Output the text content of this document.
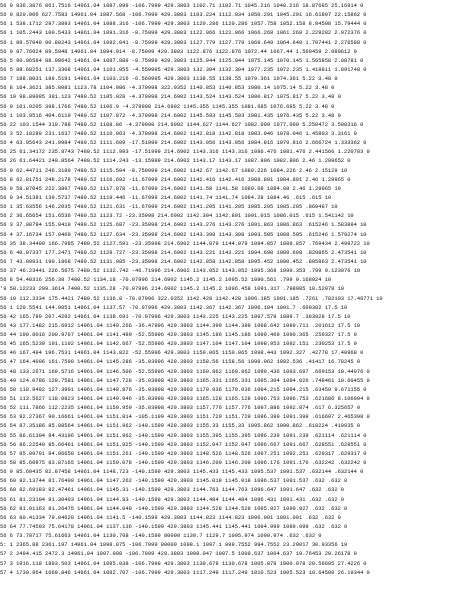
56 0 936.3876 861.7516 14961.04 1087.099 -106.7999 429.3803 1102.71 1102.71 1045.216 1040.216 18.87685 25.16914 0
56 0 820.906 627.7583 14961.04 1087.568 -106.7999 429.3803 1103.224 1112.034 1050.291 1045.291 16.61897 22.15862 0
56 1 538.1712 297.3893 14961.04 1088.316 -106.7999 429.3803 1120.286 1120.286 1057.758 1052.158 8.84598 15.79444 0
56 1 105.2443 100.5433 14961.04 1091.316 -8.75999 429.3803 1122.066 1122.066 1066.268 1061.268 2.229282 2.972376 0
56 1 89.57048 90.80243 14961.04 1092.041 -8.75999 429.3803 1127.779 1127.779 1069.649 1064.649 1.707441 2.276588 0
56 0 87.76024 89.5948 14961.04 1094.914 -8.75999 429.3803 1122.876 1122.876 1072.44 1067.44 1.560459 2.080612 0
56 5 90.06584 88.98642 14961.04 1097.889 -8.75999 429.3803 1125.944 1125.944 1075.145 1070.145 1.565858 2.08781 0
56 5 88.68251 137.3308 14961.04 1101.055 -4.559995 429.3803 132.304 1132.304 1077.235 1072.235 1.418811 1.891748 0
56 7 188.8031 189.5191 14961.04 1103.216 -6.569995 429.3803 1138.55 1138.55 1079.361 1074.361 5.22 3.48 0
56 8 164.3621 385.8081 1123.78 1104.986 -4.379998 322.0352 1140.853 1140.853 1080.14 1075.14 5.22 3.48 0
56 19 98.89095 391.123 7480.52 1105.928 -4.379998 214.6902 1143.524 1143.524 1080.817 1075.817 5.22 3.48 0
56 0 101.0205 398.1766 7480.52 1106.9 -4.379998 214.6902 1145.355 1145.355 1081.685 1076.685 5.22 3.48 0
56 1 103.9516 404.6119 7480.52 1107.872 -4.379998 214.6902 1145.593 1145.593 1081.435 1076.435 5.22 3.48 0
56 22 103.1544 310.788 7480.52 1108.86 -4.379998 214.6902 1144.627 1144.627 1082.009 1077.009 5.250472 3.500316 0
56 3 52.18289 231.1637 7480.52 1110.063 -4.379998 214.6902 1142.818 1142.818 1083.046 1078.046 1.45803 3.3161 0
56 4 63.05643 241.9984 7480.52 1111.609 -17.51999 214.6902 1143.056 1143.056 1084.816 1079.816 2.666724 1.333362 0
56 25 61.34172 235.8743 7480.52 1112.993 -17.51999 214.6902 1143.316 1143.316 1086.476 1081.476 2.441566 1.220783 0
56 26 61.64421 240.8564 7480.52 1114.243 -13.15999 214.6902 1143.17 1143.17 1087.806 1082.806 2.46 1.299652 0
56 0 62.44711 246.3189 7480.52 1115.504 -8.759999 214.6902 1142.67 1142.67 1089.226 1084.226 2.46 2.15129 10
56 8 62.81751 248.2178 7480.52 1116.692 -11.67999 214.6902 1142.416 1142.416 1089.891 1084.891 2.46 1.29965 0
56 9 58.87045 222.3897 7480.52 1117.878 -11.67999 214.6902 1141.58 1141.58 1089.08 1084.08 2.46 1.29965 10
56 0 34.51381 139.5737 7480.52 1119.446 -11.67999 214.6902 1141.74 1141.74 1084.28 1084.46 .615 .615 10
56 1 35.63556 146.2035 7480.52 1121.631 -11.67999 214.6902 1141.205 1141.205 1085.205 1085.205 .869487 10
56 2 36.65654 151.6536 7480.52 1123.72 -23.35998 214.6902 1142.304 1142.891 1091.015 1086.015 .615 1.541142 10
56 3 37.08794 155.8419 7480.52 1125.687 -23.35998 214.6902 1143.276 1143.276 1091.863 1086.863 .615246 1.583894 10
56 4 37.16734 157.0469 7480.52 1127.634 -23.35998 214.6902 1143.398 1143.398 1093.505 1088.505 .615246 1.579274 10
56 35 38.34409 166.7985 7480.52 1127.591 -23.35998 214.6902 1144.079 1144.079 1094.857 1089.857 .769434 2.499722 10
56 6 40.07337 177.2471 7480.52 1129.727 -23.35998 214.6902 1143.221 1143.221 1094.698 1089.698 .820865 2.473541 10
56 7 43.09931 190.1868 7480.52 1131.085 -23.35998 214.6902 1142.858 1142.858 1095.452 1090.452 .805863 2.473541 10
56 37 46.23441 226.5675 7480.52 1132.742 -46.71996 214.6902 1143.052 1143.052 1095.368 1090.353 .799 9.123076 10
56 8 54.40316 256.38 7480.52 1134.18 -70.07996 214.6902 1145.2 1145.2 1095.52 1090.561 .799 9.168024 10
'9 58.12233 299.3614 7480.52 1135.28 -70.07996 214.6902 1145.2 1145.2 1096.458 1091.317 .798985 10.52978 10
56 10 112.3334 175.4421 7480.52 1136.8 -70.07996 322.0352 1142.428 1142.428 1096.185 1091.185 .7261 .782103 17.48771 10
56 1 120.5541 144.9051 14961.04 1137.57 -70.07996 429.3803 1142.367 1142.367 1096.104 1091.7 .600302 17.5 10
56 42 165.789 207.4292 14961.04 1138.691 -70.07996 429.3803 1143.225 1143.225 1097.578 1089.7 .383928 17.5 10
56 43 177.1482 215.6912 14961.04 1140.266 -36.47996 429.3803 1144.399 1144.399 1098.642 1089.711 .201612 17.5 10
56 44 190.8016 200.9707 14961.04 1141.489 -52.55996 429.3803 1145.186 1145.186 1099.469 1090.365 .259327 17.5 0
56 45 165.5239 191.1102 14961.04 1142.667 -52.55996 429.3803 1147.104 1147.104 1098.953 1092.151 .230253 17.5 0
56 46 167.494 196.7531 14961.04 1143.822 -52.55996 429.3803 1150.065 1150.065 1098.443 1092.327 .42778 17.40968 0
56 47 164.4096 161.7598 14961.04 1145.286 -35.03996 429.3803 1158.56 1158.56 1099.062 1092.536 .41417 16.78245 0
56 48 133.2671 169.5716 14961.04 1146.506 -52.55996 429.3803 1160.862 1160.862 1099.436 1093.697 .669153 10.44976 0
56 49 124.0786 128.7581 14961.04 1147.728 -35.03998 429.3803 1165.331 1165.331 1095.304 1094.026 .748461 10.60455 0
56 50 118.9492 127.3901 14961.04 1148.876 -35.03998 429.3803 1170.036 1170.036 1094.215 1094.215 .63459 9.671155 0
56 51 113.5627 118.0823 14961.04 1149.946 -35.03998 429.3803 1165.128 1165.128 1096.753 1096.753 .621686 8.106994 0
56 52 111.7866 112.2235 14961.04 1150.959 -35.03998 429.3803 1157.776 1157.776 1097.886 1092.874 .617 6.325657 0
56 53 92.27367 90.16661 14961.04 1151.814 -105.1199 429.3803 1151.729 1151.729 1096.399 1091.399 .616697 2.465398 0
56 54 87.35186 85.88564 14961.04 1151.962 -140.1599 429.3803 1155.33 1155.33 1095.862 1090.862 .618224 .410935 0
56 55 86.61304 84.43196 14961.04 1151.962 -140.1599 429.3803 1155.395 1155.395 1096.239 1091.239 .621114 .621114 0
56 56 86.22549 85.66461 14961.04 1151.925 -140.1599 429.3803 1152.047 1152.047 1096.667 1091.667 .628551 .628551 0
56 57 85.09791 84.06658 14961.04 1151.261 -140.1599 429.3803 1148.526 1148.526 1097.251 1092.251 .629317 .629317 0
56 58 85.60975 83.87165 14961.04 1150.078 -140.1599 429.3803 1146.209 1146.209 1096.176 1091.176 .632242 .632242 0
56 9 85.60435 82.87458 14961.04 1148.723 -140.1599 429.3803 1145.433 1145.433 1095.537 1091.537 .632144 .632144 0
56 60 82.13744 81.76409 14961.04 1147.262 -140.1599 429.3803 1145.018 1145.018 1096.537 1091.537 .632 .632 0
56 60 82.69183 82.47461 14961.04 1145.31 -140.1599 429.3803 1144.763 1144.763 1096.647 1091.647 .632 .632 0
56 61 81.23104 81.30403 14961.04 1144.83 -140.1599 429.3803 1144.484 1144.484 1096.431 1091.431 .632 .632 0
56 62 81.91163 81.26475 14961.04 1144.049 -140.1599 429.3803 1144.528 1144.528 1095.927 1090.927 .632 .632 0
56 63 80.41334 79.04628 14961.04 1141.5 -140.1599 429.3803 1144.823 1144.823 1096.001 1091.001 .632 .632 0
56 64 77.74593 75.64178 14961.04 1137.136 -140.1599 429.3803 1145.441 1145.441 1094.999 1089.999 .632 .632 0
56 6 73.78717 75.61663 14961.04 1130.708 -140.1599 80000 1130.7 1129.7 1095.974 1090.974 .632 .632 0
5: 1 2365.88 2361.197 14961.04 1098.075 -106.7999 80000 1098.1 1097.1 999.7552 994.7552 23.20017 30.93356 19
57 2 2494.415 2472.3 14961.04 1097.098 -106.7999 429.3803 1098.047 1097.5 1009.637 1004.637 19.76453 29.26178 0
57 3 1916.118 1893.503 14961.04 1095.038 -106.7999 429.3803 1130.678 1130.678 1005.078 1000.078 20.56695 27.4226 0
57 4 1730.964 1669.846 14961.04 1092.707 -106.7999 429.3803 1117.249 1117.249 1010.523 1005.523 19.64508 26.19344 0
